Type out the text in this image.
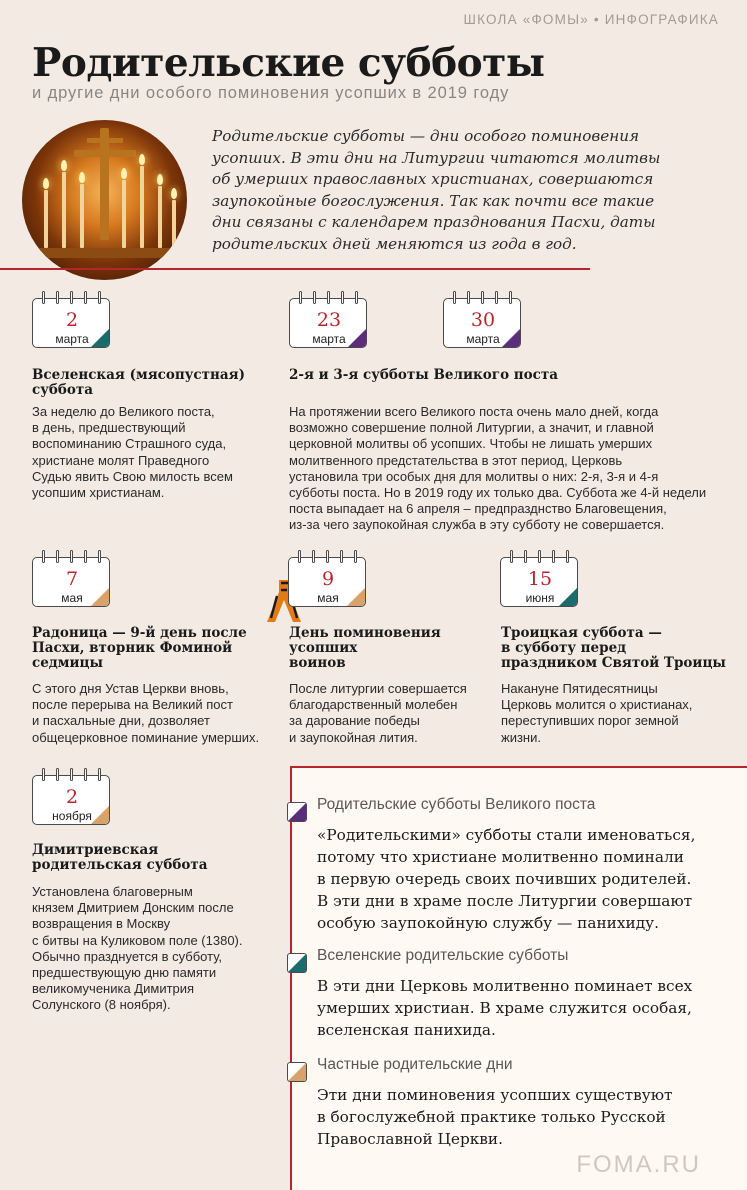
ШКОЛА «ФОМЫ» • ИНФОГРАФИКА
Родительские субботы
и другие дни особого поминовения усопших в 2019 году
Родительские субботы — дни особого поминовения
усопших. В эти дни на Литургии читаются молитвы
об умерших православных христианах, совершаются
заупокойные богослужения. Так как почти все такие
дни связаны с календарем празднования Пасхи, даты
родительских дней меняются из года в год.
2
марта
23
марта
30
марта
Вселенская (мясопустная)
суббота
За неделю до Великого поста,
в день, предшествующий
воспоминанию Страшного суда,
христиане молят Праведного
Судью явить Свою милость всем
усопшим христианам.
2-я и 3-я субботы Великого поста
На протяжении всего Великого поста очень мало дней, когда
возможно совершение полной Литургии, а значит, и главной
церковной молитвы об усопших. Чтобы не лишать умерших
молитвенного предстательства в этот период, Церковь
установила три особых дня для молитвы о них: 2-я, 3-я и 4-я
субботы поста. Но в 2019 году их только два. Суббота же 4-й недели
поста выпадает на 6 апреля – предпразднство Благовещения,
из-за чего заупокойная служба в эту субботу не совершается.
7
мая
9
мая
15
июня
Радоница — 9-й день после
Пасхи, вторник Фоминой
седмицы
С этого дня Устав Церкви вновь,
после перерыва на Великий пост
и пасхальные дни, дозволяет
общецерковное поминание умерших.
День поминовения
усопших
воинов
После литургии совершается
благодарственный молебен
за дарование победы
и заупокойная лития.
Троицкая суббота —
в субботу перед
праздником Святой Троицы
Накануне Пятидесятницы
Церковь молится о христианах,
переступивших порог земной
жизни.
2
ноября
Димитриевская
родительская суббота
Установлена благоверным
князем Дмитрием Донским после
возвращения в Москву
с битвы на Куликовом поле (1380).
Обычно празднуется в субботу,
предшествующую дню памяти
великомученика Димитрия
Солунского (8 ноября).
Родительские субботы Великого поста
«Родительскими» субботы стали именоваться,
потому что христиане молитвенно поминали
в первую очередь своих почивших родителей.
В эти дни в храме после Литургии совершают
особую заупокойную службу — панихиду.
Вселенские родительские субботы
В эти дни Церковь молитвенно поминает всех
умерших христиан. В храме служится особая,
вселенская панихида.
Частные родительские дни
Эти дни поминовения усопших существуют
в богослужебной практике только Русской
Православной Церкви.
FOMA.RU
